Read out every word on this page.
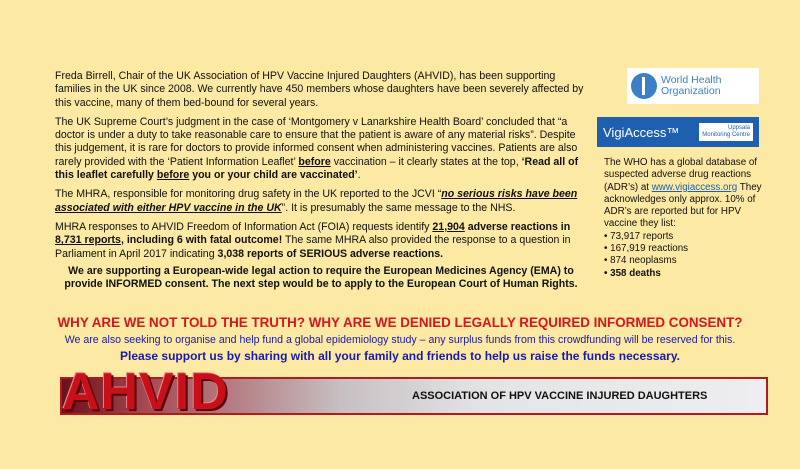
Freda Birrell, Chair of the UK Association of HPV Vaccine Injured Daughters (AHVID), has been supporting families in the UK since 2008. We currently have 450 members whose daughters have been severely affected by this vaccine, many of them bed-bound for several years.

The UK Supreme Court’s judgment in the case of ‘Montgomery v Lanarkshire Health Board’ concluded that “a doctor is under a duty to take reasonable care to ensure that the patient is aware of any material risks”. Despite this judgement, it is rare for doctors to provide informed consent when administering vaccines. Patients are also rarely provided with the ‘Patient Information Leaflet’ before vaccination – it clearly states at the top, ‘Read all of this leaflet carefully before you or your child are vaccinated’.

The MHRA, responsible for monitoring drug safety in the UK reported to the JCVI “no serious risks have been associated with either HPV vaccine in the UK”. It is presumably the same message to the NHS.

MHRA responses to AHVID Freedom of Information Act (FOIA) requests identify 21,904 adverse reactions in 8,731 reports, including 6 with fatal outcome! The same MHRA also provided the response to a question in Parliament in April 2017 indicating 3,038 reports of SERIOUS adverse reactions.

We are supporting a European-wide legal action to require the European Medicines Agency (EMA) to provide INFORMED consent. The next step would be to apply to the European Court of Human Rights.
World Health
Organization
VigiAccess™	Uppsala Monitoring Centre
The WHO has a global database of suspected adverse drug reactions (ADR’s) at www.vigiaccess.org They acknowledges only approx. 10% of ADR’s are reported but for HPV vaccine they list:
• 73,917 reports
• 167,919 reactions
• 874 neoplasms
• 358 deaths
WHY ARE WE NOT TOLD THE TRUTH? WHY ARE WE DENIED LEGALLY REQUIRED INFORMED CONSENT?
We are also seeking to organise and help fund a global epidemiology study – any surplus funds from this crowdfunding will be reserved for this.
Please support us by sharing with all your family and friends to help us raise the funds necessary.
AHVID	ASSOCIATION OF HPV VACCINE INJURED DAUGHTERS
